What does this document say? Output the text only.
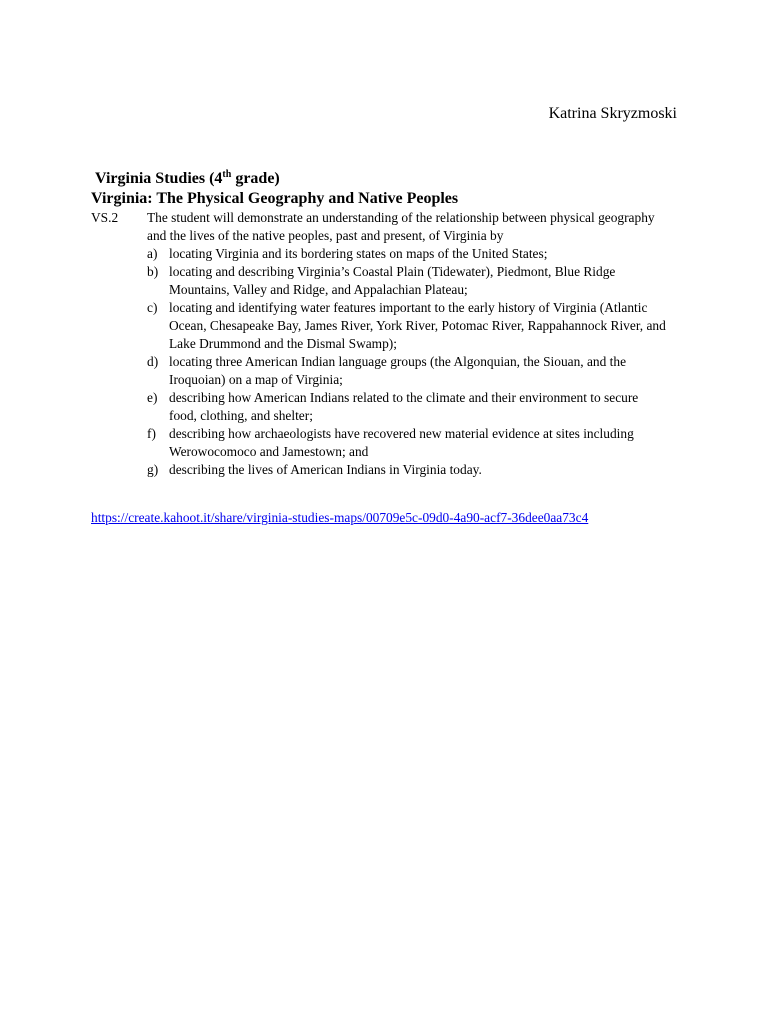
Katrina Skryzmoski
Virginia Studies (4th grade)
Virginia: The Physical Geography and Native Peoples
VS.2 The student will demonstrate an understanding of the relationship between physical geography and the lives of the native peoples, past and present, of Virginia by
a) locating Virginia and its bordering states on maps of the United States;
b) locating and describing Virginia’s Coastal Plain (Tidewater), Piedmont, Blue Ridge Mountains, Valley and Ridge, and Appalachian Plateau;
c) locating and identifying water features important to the early history of Virginia (Atlantic Ocean, Chesapeake Bay, James River, York River, Potomac River, Rappahannock River, and Lake Drummond and the Dismal Swamp);
d) locating three American Indian language groups (the Algonquian, the Siouan, and the Iroquoian) on a map of Virginia;
e) describing how American Indians related to the climate and their environment to secure food, clothing, and shelter;
f) describing how archaeologists have recovered new material evidence at sites including Werowocomoco and Jamestown; and
g) describing the lives of American Indians in Virginia today.
https://create.kahoot.it/share/virginia-studies-maps/00709e5c-09d0-4a90-acf7-36dee0aa73c4
